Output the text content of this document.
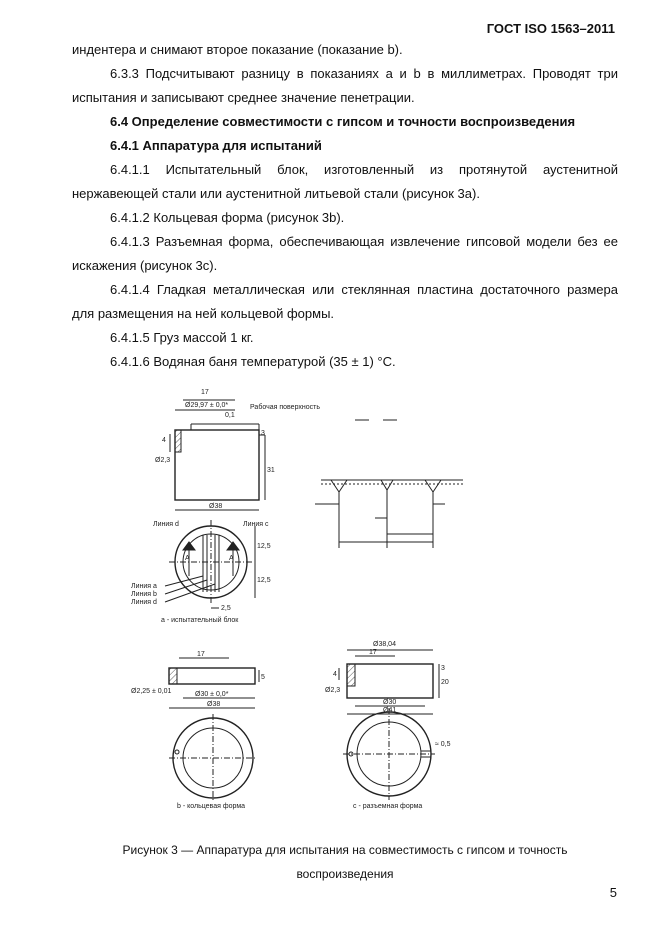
ГОСТ ISO 1563–2011

индентера и снимают второе показание (показание b).

6.3.3 Подсчитывают разницу в показаниях a и b в миллиметрах. Проводят три испытания и записывают среднее значение пенетрации.

6.4 Определение совместимости с гипсом и точности воспроизведения

6.4.1 Аппаратура для испытаний

6.4.1.1 Испытательный блок, изготовленный из протянутой аустенитной нержавеющей стали или аустенитной литьевой стали (рисунок 3а).

6.4.1.2 Кольцевая форма (рисунок 3b).

6.4.1.3 Разъемная форма, обеспечивающая извлечение гипсовой модели без ее искажения (рисунок 3с).

6.4.1.4 Гладкая металлическая или стеклянная пластина достаточного размера для размещения на ней кольцевой формы.

6.4.1.5 Груз массой 1 кг.

6.4.1.6 Водяная баня температурой (35 ± 1) °С.

17
Ø29,97 ± 0,0*
0,1
Рабочая поверхность
4
3
Ø2,3
31
Ø38
Линия d	Линия c
A	A
12,5
12,5
Линия a
Линия b
Линия d
2,5
а - испытательный блок
17
5
Ø2,25 ± 0,01	Ø30 ± 0,0*
Ø38
b - кольцевая форма
Ø38,04
17
3
4
20
Ø2,3
Ø30
Ø41
≈ 0,5
c - разъемная форма
Рисунок 3 — Аппаратура для испытания на совместимость с гипсом и точность
воспроизведения
5
